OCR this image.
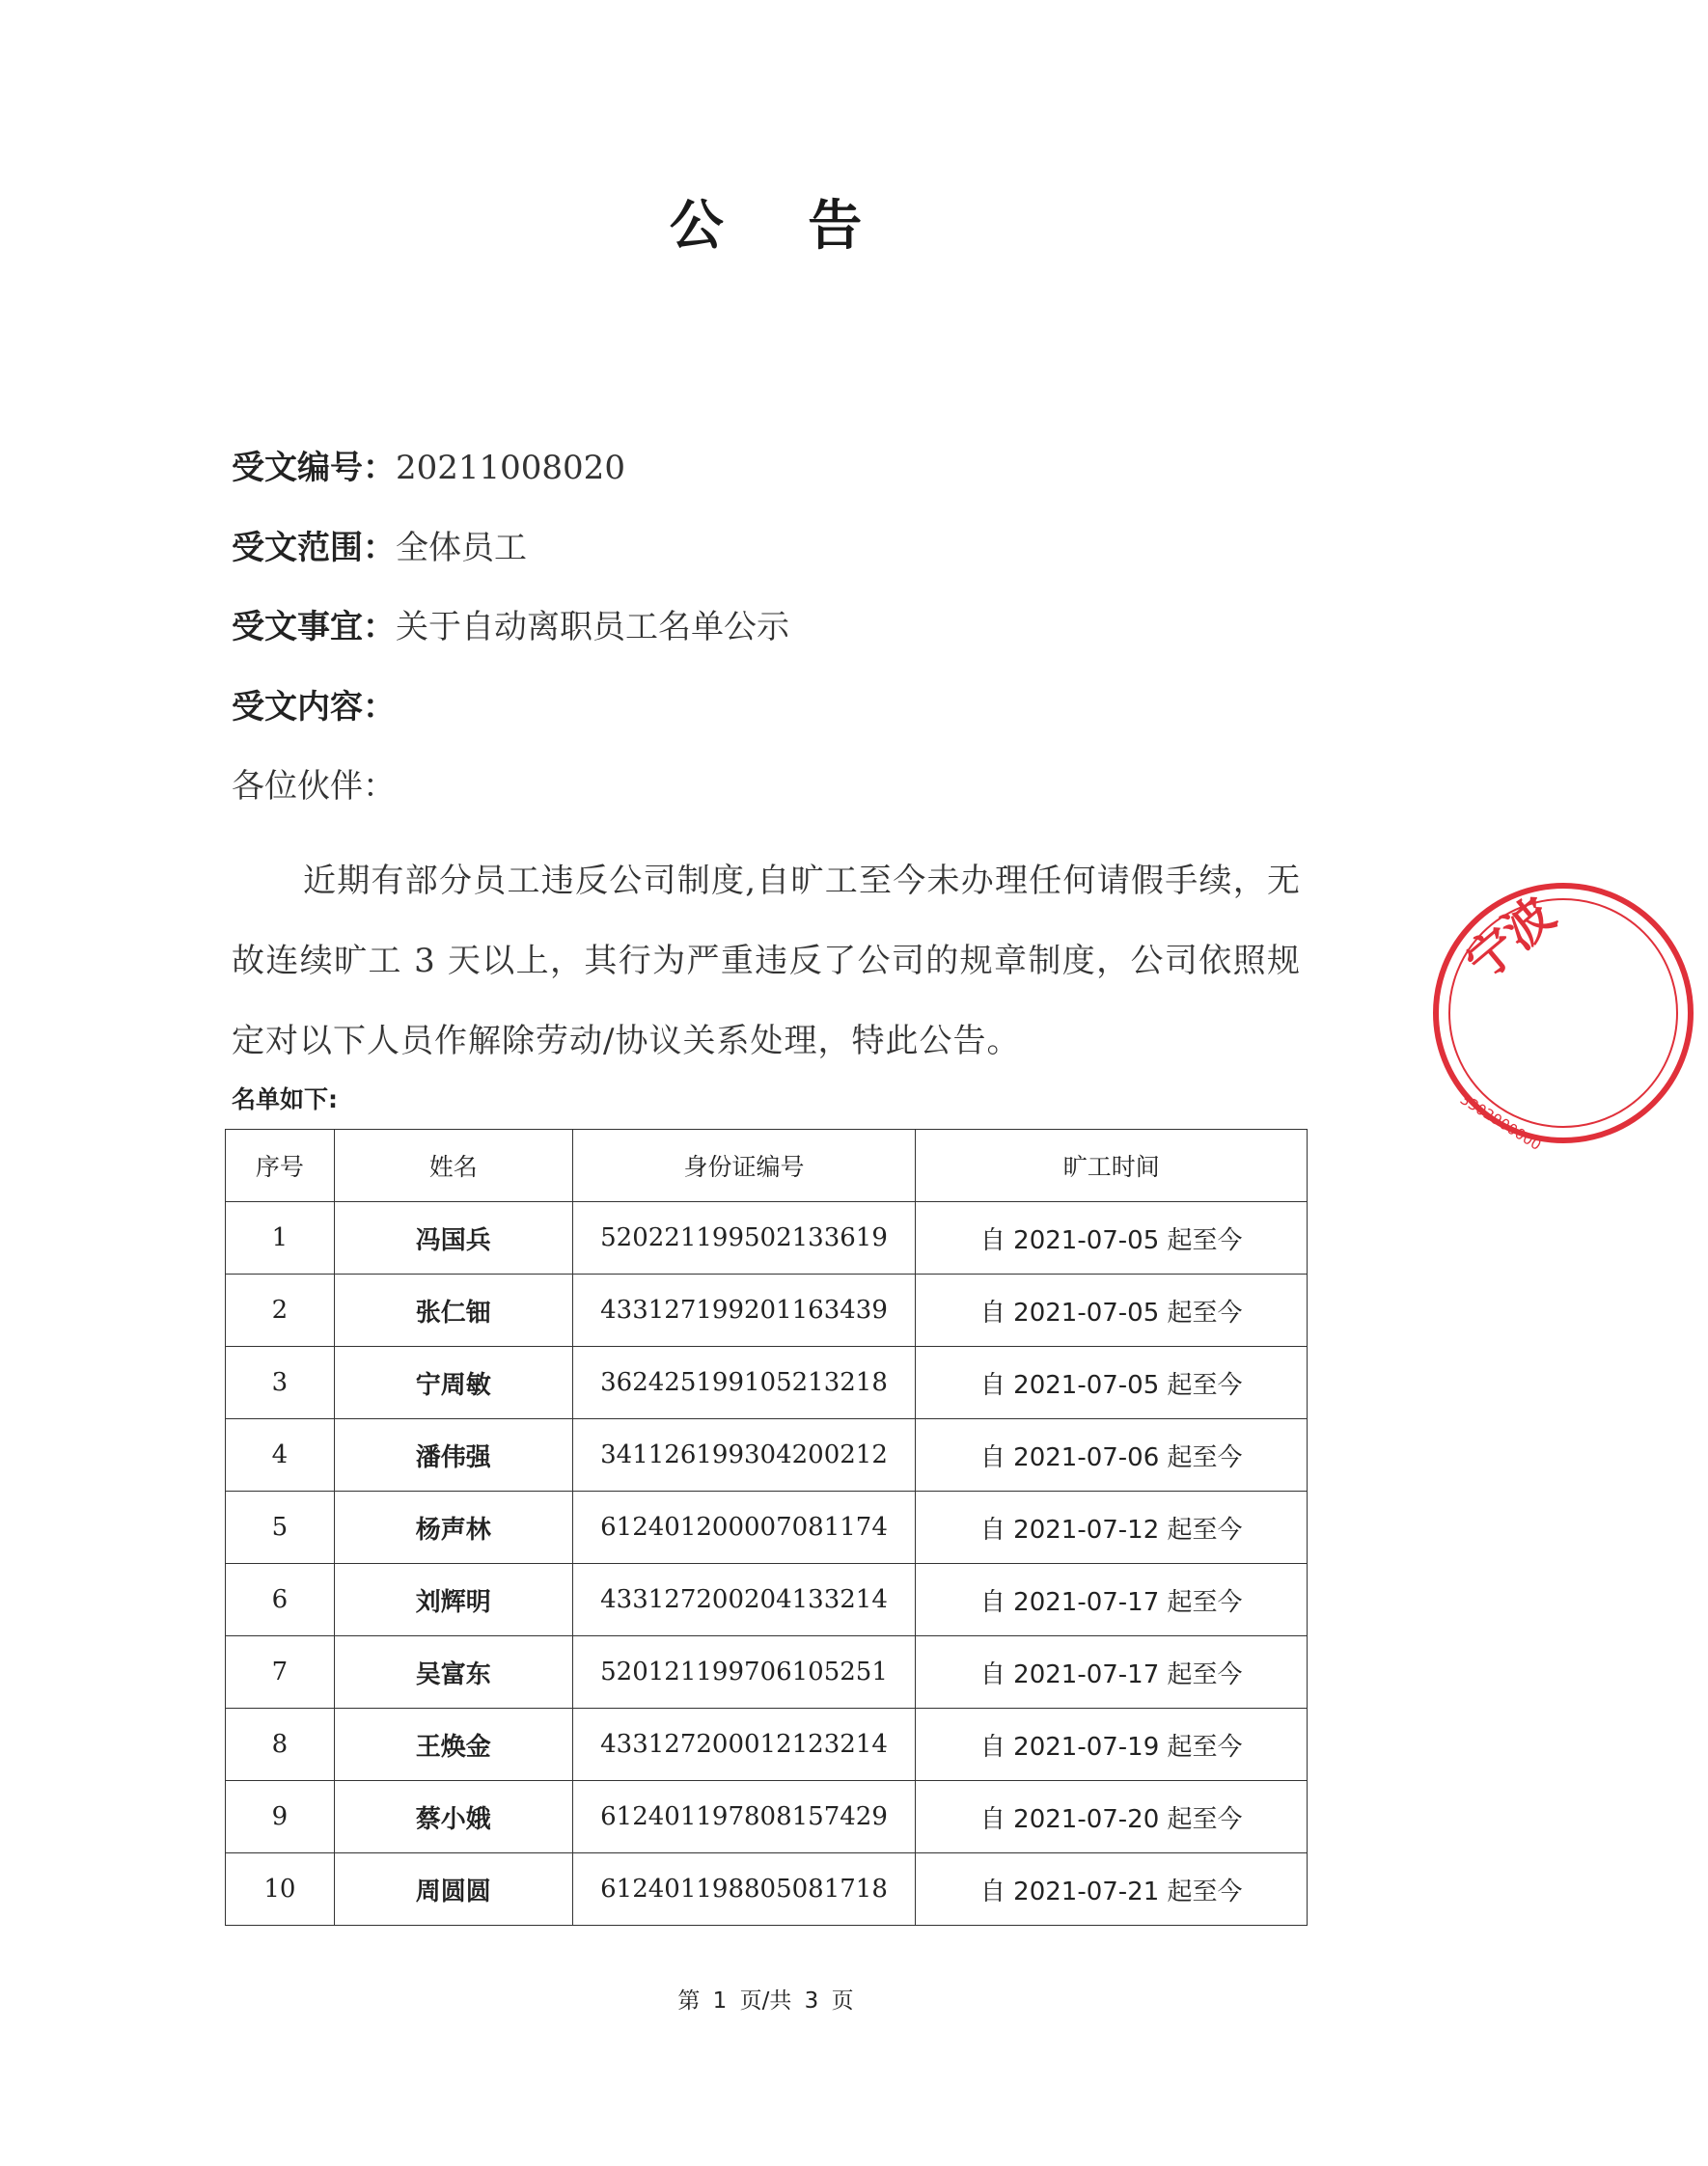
公 告
受文编号：20211008020
受文范围：全体员工
受文事宜：关于自动离职员工名单公示
受文内容：
各位伙伴：
近期有部分员工违反公司制度,自旷工至今未办理任何请假手续，无故连续旷工 3 天以上，其行为严重违反了公司的规章制度，公司依照规定对以下人员作解除劳动/协议关系处理，特此公告。
名单如下:
序号	姓名	身份证编号	旷工时间
1	冯国兵	520221199502133619	自 2021-07-05 起至今
2	张仁钿	433127199201163439	自 2021-07-05 起至今
3	宁周敏	362425199105213218	自 2021-07-05 起至今
4	潘伟强	341126199304200212	自 2021-07-06 起至今
5	杨声林	612401200007081174	自 2021-07-12 起至今
6	刘辉明	433127200204133214	自 2021-07-17 起至今
7	吴富东	520121199706105251	自 2021-07-17 起至今
8	王焕金	433127200012123214	自 2021-07-19 起至今
9	蔡小娥	612401197808157429	自 2021-07-20 起至今
10	周圆圆	612401198805081718	自 2021-07-21 起至今
第 1 页/共 3 页
宁波
3302900000
